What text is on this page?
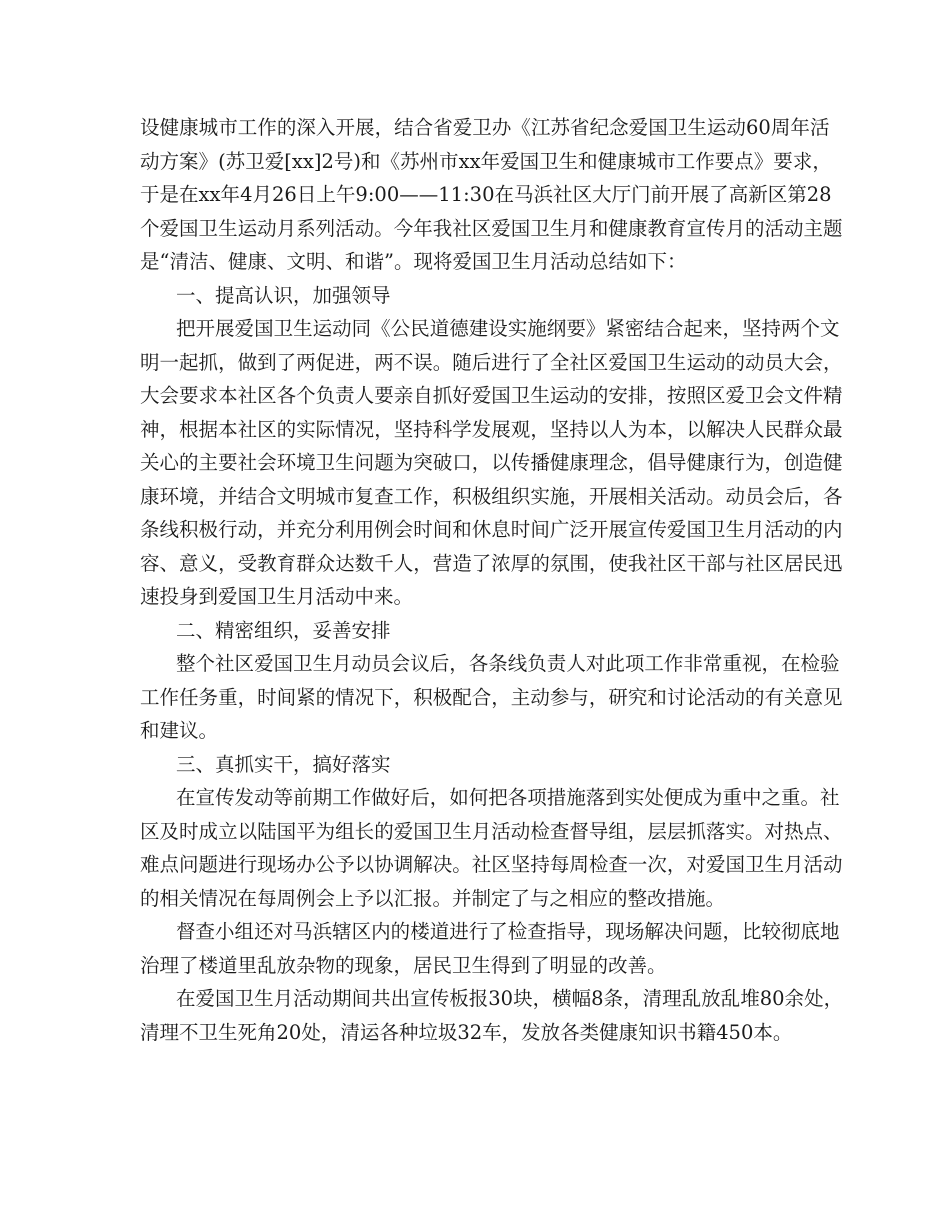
设 健 康 城 市 工 作 的 深 入 开 展 ， 结 合 省 爱 卫 办 《 江 苏 省 纪 念 爱 国 卫 生 运 动 6 0 周 年 活
动 方 案 》 ( 苏 卫 爱 [ x x ] 2 号 ) 和 《 苏 州 市 x x 年 爱 国 卫 生 和 健 康 城 市 工 作 要 点 》 要 求 ，
于 是 在 x x 年 4 月 2 6 日 上 午 9 : 0 0 — — 1 1 : 3 0 在 马 浜 社 区 大 厅 门 前 开 展 了 高 新 区 第 2 8
个 爱 国 卫 生 运 动 月 系 列 活 动 。 今 年 我 社 区 爱 国 卫 生 月 和 健 康 教 育 宣 传 月 的 活 动 主 题
是“清洁、健康、文明、和谐”。现将爱国卫生月活动总结如下：
一、提高认识，加强领导
把 开 展 爱 国 卫 生 运 动 同 《 公 民 道 德 建 设 实 施 纲 要 》 紧 密 结 合 起 来 ， 坚 持 两 个 文
明 一 起 抓 ， 做 到 了 两 促 进 ， 两 不 误 。 随 后 进 行 了 全 社 区 爱 国 卫 生 运 动 的 动 员 大 会 ，
大 会 要 求 本 社 区 各 个 负 责 人 要 亲 自 抓 好 爱 国 卫 生 运 动 的 安 排 ， 按 照 区 爱 卫 会 文 件 精
神 ， 根 据 本 社 区 的 实 际 情 况 ， 坚 持 科 学 发 展 观 ， 坚 持 以 人 为 本 ， 以 解 决 人 民 群 众 最
关 心 的 主 要 社 会 环 境 卫 生 问 题 为 突 破 口 ， 以 传 播 健 康 理 念 ， 倡 导 健 康 行 为 ， 创 造 健
康 环 境 ， 并 结 合 文 明 城 市 复 查 工 作 ， 积 极 组 织 实 施 ， 开 展 相 关 活 动 。 动 员 会 后 ， 各
条 线 积 极 行 动 ， 并 充 分 利 用 例 会 时 间 和 休 息 时 间 广 泛 开 展 宣 传 爱 国 卫 生 月 活 动 的 内
容 、 意 义 ， 受 教 育 群 众 达 数 千 人 ， 营 造 了 浓 厚 的 氛 围 ， 使 我 社 区 干 部 与 社 区 居 民 迅
速投身到爱国卫生月活动中来。
二、精密组织，妥善安排
整 个 社 区 爱 国 卫 生 月 动 员 会 议 后 ， 各 条 线 负 责 人 对 此 项 工 作 非 常 重 视 ， 在 检 验
工 作 任 务 重 ， 时 间 紧 的 情 况 下 ， 积 极 配 合 ， 主 动 参 与 ， 研 究 和 讨 论 活 动 的 有 关 意 见
和建议。
三、真抓实干，搞好落实
在 宣 传 发 动 等 前 期 工 作 做 好 后 ， 如 何 把 各 项 措 施 落 到 实 处 便 成 为 重 中 之 重 。 社
区 及 时 成 立 以 陆 国 平 为 组 长 的 爱 国 卫 生 月 活 动 检 查 督 导 组 ， 层 层 抓 落 实 。 对 热 点 、
难 点 问 题 进 行 现 场 办 公 予 以 协 调 解 决 。 社 区 坚 持 每 周 检 查 一 次 ， 对 爱 国 卫 生 月 活 动
的相关情况在每周例会上予以汇报。并制定了与之相应的整改措施。
督 查 小 组 还 对 马 浜 辖 区 内 的 楼 道 进 行 了 检 查 指 导 ， 现 场 解 决 问 题 ， 比 较 彻 底 地
治理了楼道里乱放杂物的现象，居民卫生得到了明显的改善。
在 爱 国 卫 生 月 活 动 期 间 共 出 宣 传 板 报 3 0 块 ， 横 幅 8 条 ， 清 理 乱 放 乱 堆 8 0 余 处 ，
清理不卫生死角20处，清运各种垃圾32车，发放各类健康知识书籍450本。
